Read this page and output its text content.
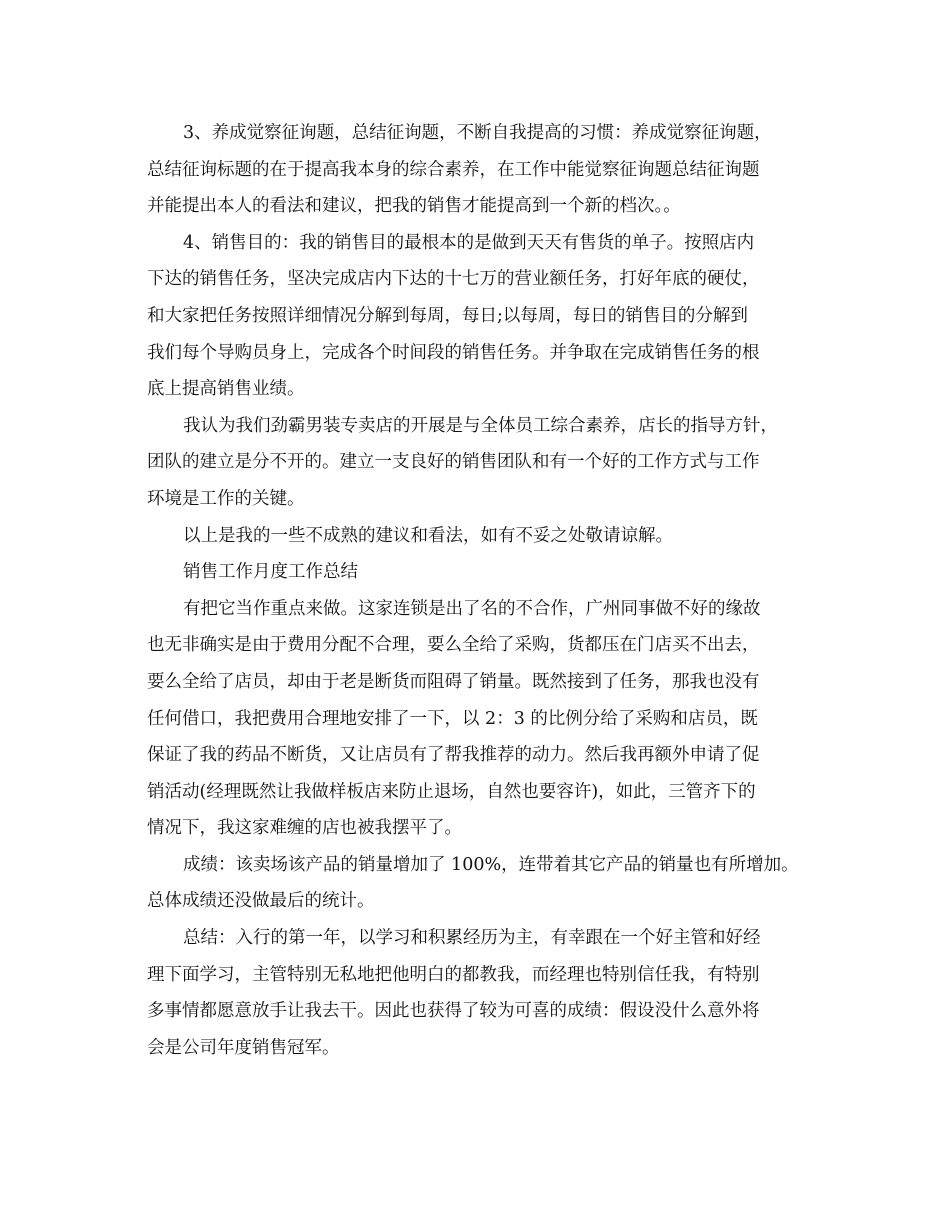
3、养成觉察征询题，总结征询题，不断自我提高的习惯：养成觉察征询题，
总结征询标题的在于提高我本身的综合素养，在工作中能觉察征询题总结征询题
并能提出本人的看法和建议，把我的销售才能提高到一个新的档次。。
4、销售目的：我的销售目的最根本的是做到天天有售货的单子。按照店内
下达的销售任务，坚决完成店内下达的十七万的营业额任务，打好年底的硬仗，
和大家把任务按照详细情况分解到每周，每日;以每周，每日的销售目的分解到
我们每个导购员身上，完成各个时间段的销售任务。并争取在完成销售任务的根
底上提高销售业绩。
我认为我们劲霸男装专卖店的开展是与全体员工综合素养，店长的指导方针，
团队的建立是分不开的。建立一支良好的销售团队和有一个好的工作方式与工作
环境是工作的关键。
以上是我的一些不成熟的建议和看法，如有不妥之处敬请谅解。
销售工作月度工作总结
有把它当作重点来做。这家连锁是出了名的不合作，广州同事做不好的缘故
也无非确实是由于费用分配不合理，要么全给了采购，货都压在门店买不出去，
要么全给了店员，却由于老是断货而阻碍了销量。既然接到了任务，那我也没有
任何借口，我把费用合理地安排了一下，以 2：3 的比例分给了采购和店员，既
保证了我的药品不断货，又让店员有了帮我推荐的动力。然后我再额外申请了促
销活动(经理既然让我做样板店来防止退场，自然也要容许)，如此，三管齐下的
情况下，我这家难缠的店也被我摆平了。
成绩：该卖场该产品的销量增加了 100%，连带着其它产品的销量也有所增加。
总体成绩还没做最后的统计。
总结：入行的第一年，以学习和积累经历为主，有幸跟在一个好主管和好经
理下面学习，主管特别无私地把他明白的都教我，而经理也特别信任我，有特别
多事情都愿意放手让我去干。因此也获得了较为可喜的成绩：假设没什么意外将
会是公司年度销售冠军。
